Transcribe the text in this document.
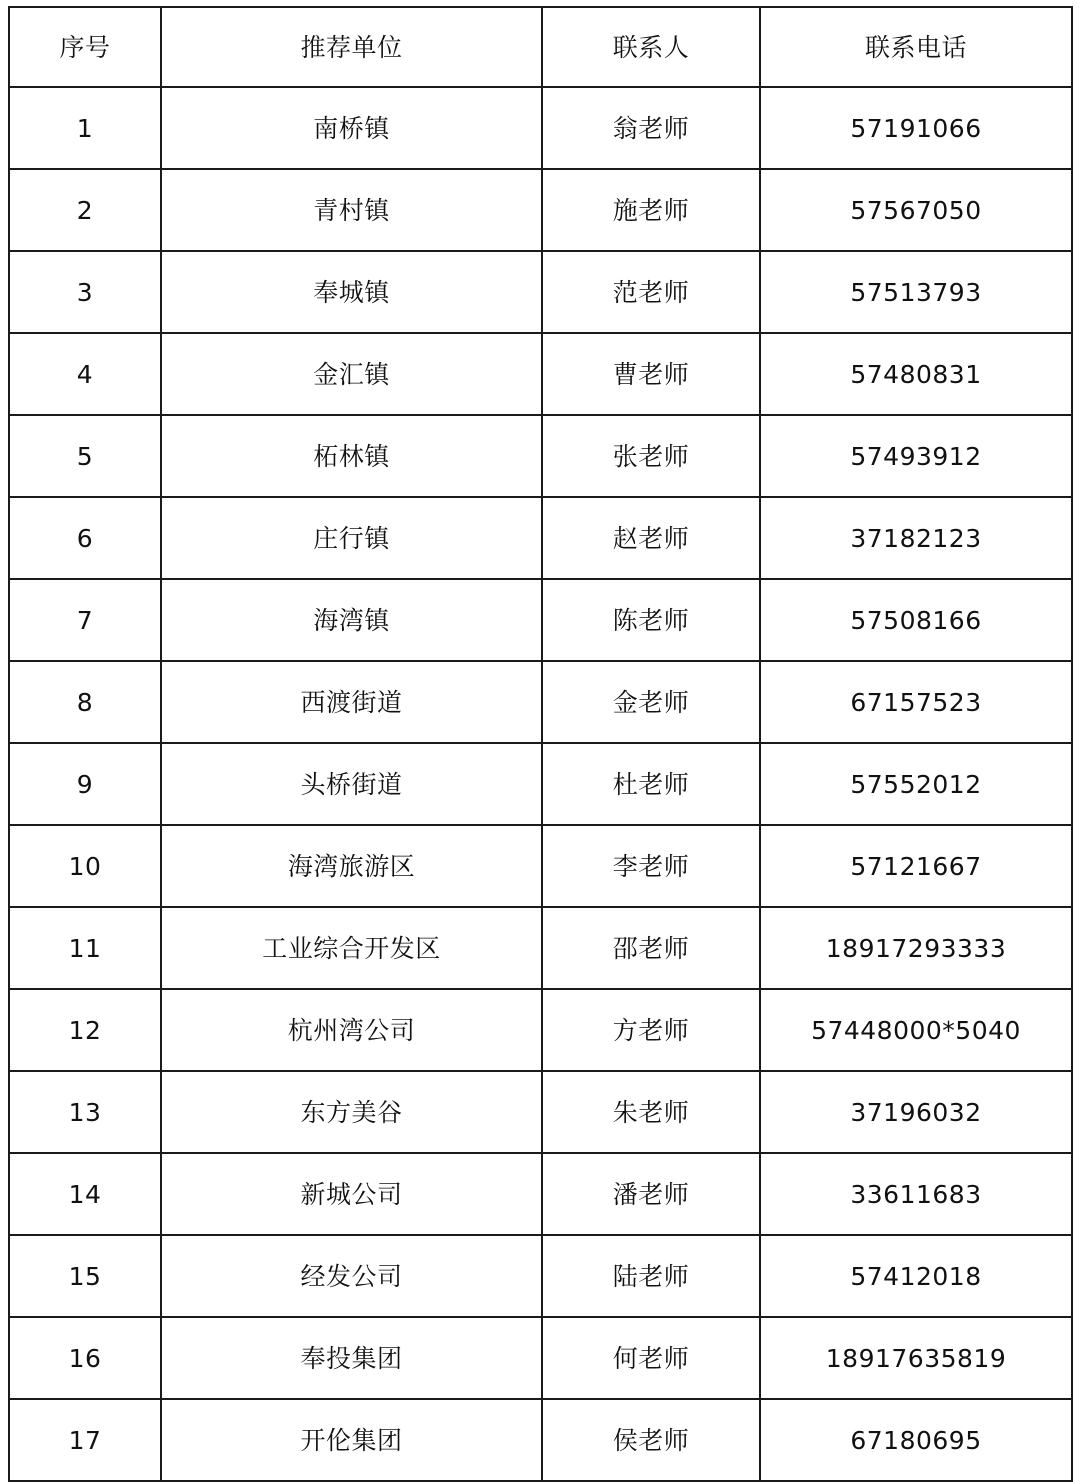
序号	推荐单位	联系人	联系电话
1	南桥镇	翁老师	57191066
2	青村镇	施老师	57567050
3	奉城镇	范老师	57513793
4	金汇镇	曹老师	57480831
5	柘林镇	张老师	57493912
6	庄行镇	赵老师	37182123
7	海湾镇	陈老师	57508166
8	西渡街道	金老师	67157523
9	头桥街道	杜老师	57552012
10	海湾旅游区	李老师	57121667
11	工业综合开发区	邵老师	18917293333
12	杭州湾公司	方老师	57448000*5040
13	东方美谷	朱老师	37196032
14	新城公司	潘老师	33611683
15	经发公司	陆老师	57412018
16	奉投集团	何老师	18917635819
17	开伦集团	侯老师	67180695
